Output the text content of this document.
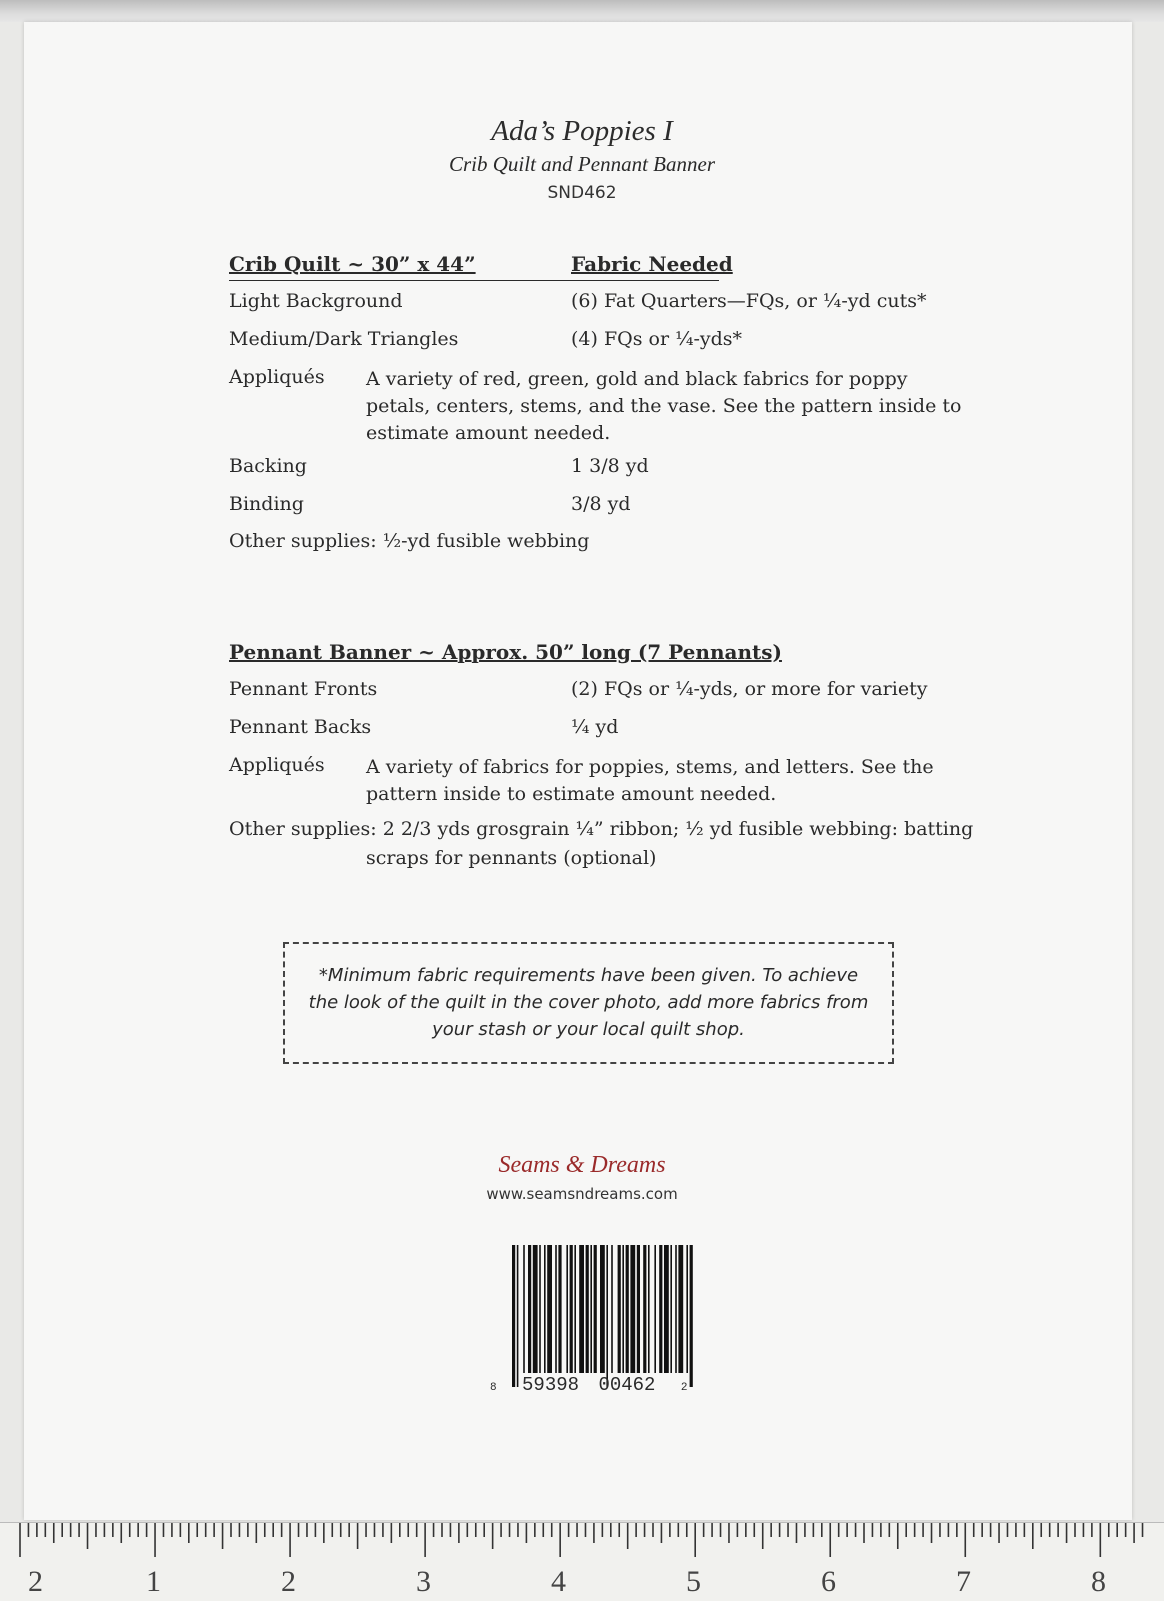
Ada’s Poppies I
Crib Quilt and Pennant Banner
SND462
Crib Quilt ~ 30” x 44”	Fabric Needed
Light Background	(6) Fat Quarters—FQs, or ¼-yd cuts*
Medium/Dark Triangles	(4) FQs or ¼-yds*
Appliqués A variety of red, green, gold and black fabrics for poppy petals, centers, stems, and the vase. See the pattern inside to estimate amount needed.
Backing	1 3/8 yd
Binding	3/8 yd
Other supplies: ½-yd fusible webbing
Pennant Banner ~ Approx. 50” long (7 Pennants)
Pennant Fronts	(2) FQs or ¼-yds, or more for variety
Pennant Backs	¼ yd
Appliqués A variety of fabrics for poppies, stems, and letters. See the pattern inside to estimate amount needed.
Other supplies: 2 2/3 yds grosgrain ¼” ribbon; ½ yd fusible webbing: batting
scraps for pennants (optional)
*Minimum fabric requirements have been given. To achieve
the look of the quilt in the cover photo, add more fabrics from
your stash or your local quilt shop.
Seams & Dreams
www.seamsndreams.com
8 59398 00462 2
2	1	2	3	4	5	6	7	8
